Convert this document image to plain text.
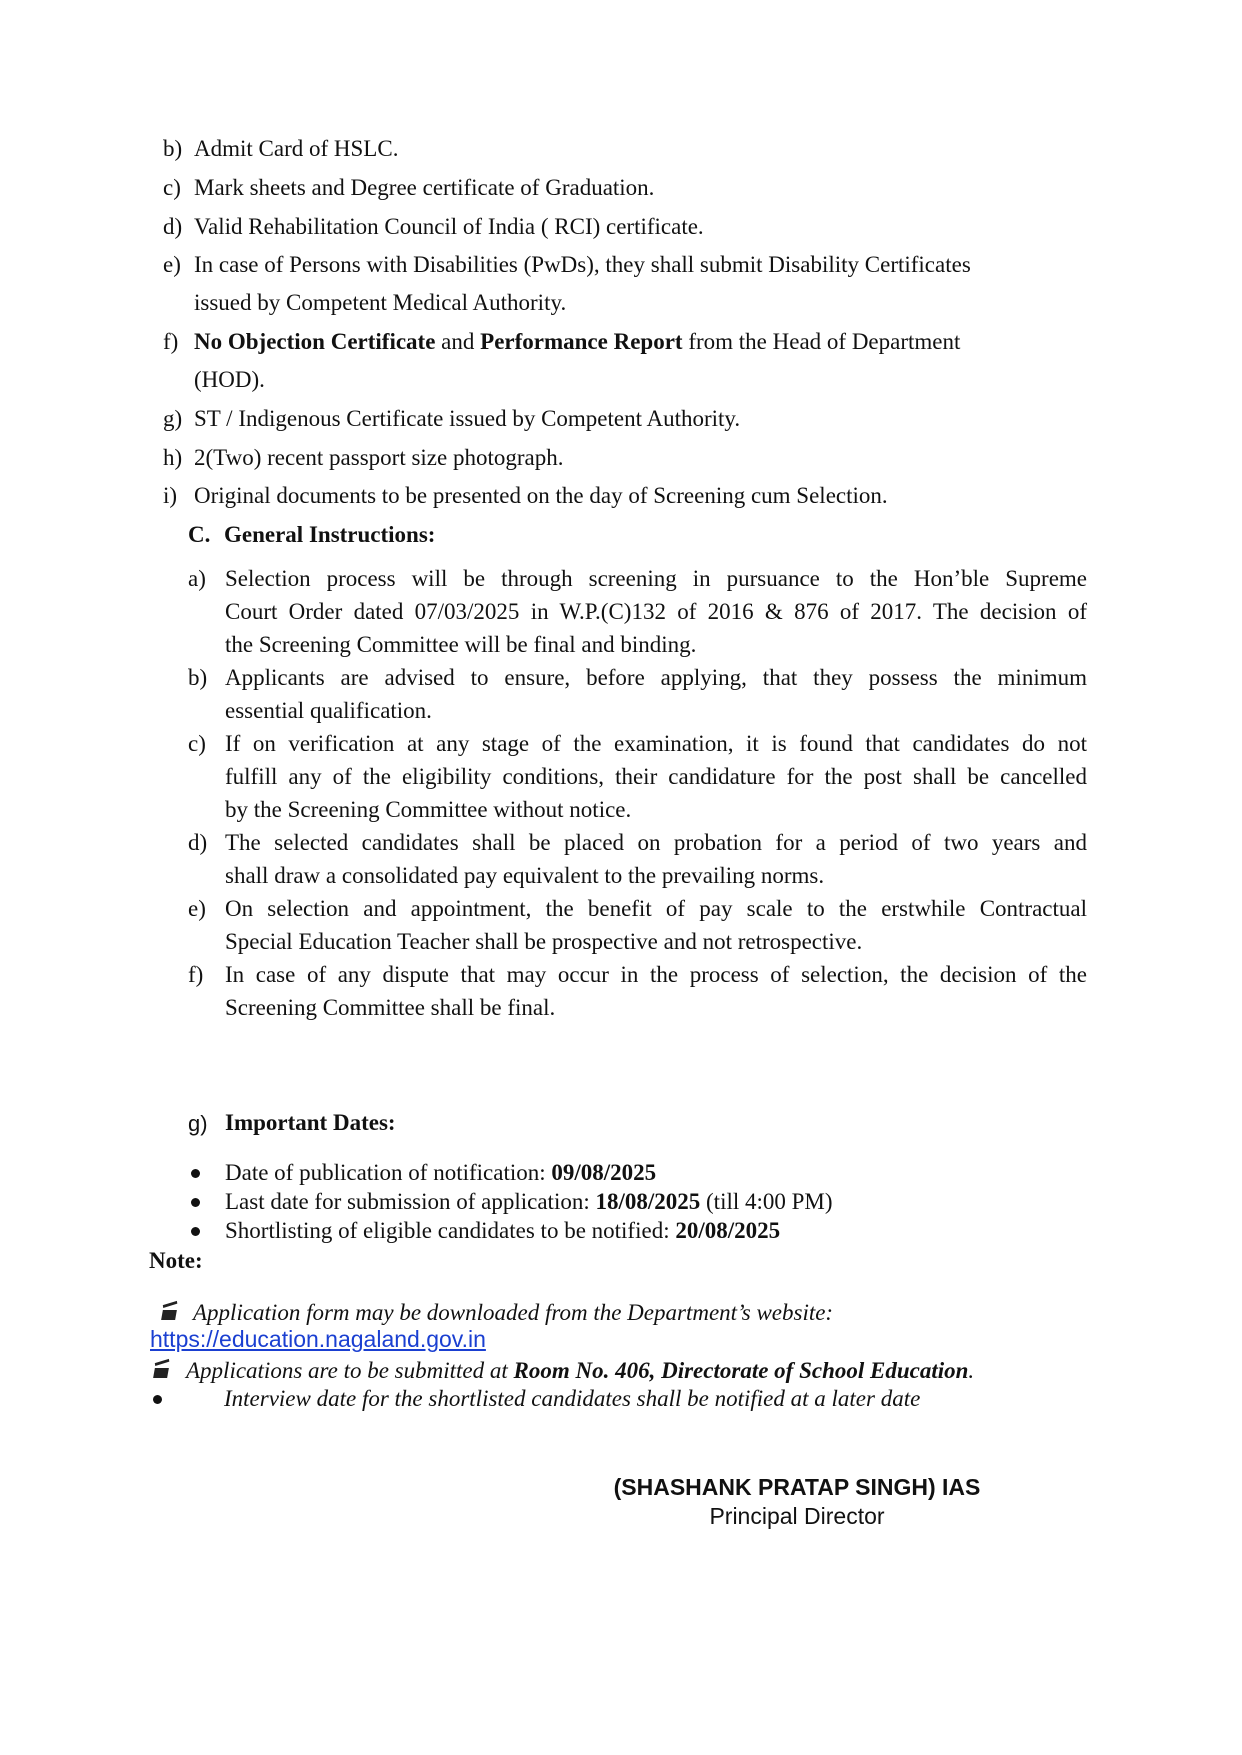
b) Admit Card of HSLC.
c) Mark sheets and Degree certificate of Graduation.
d) Valid Rehabilitation Council of India ( RCI) certificate.
e) In case of Persons with Disabilities (PwDs), they shall submit Disability Certificates
issued by Competent Medical Authority.
f) No Objection Certificate and Performance Report from the Head of Department
(HOD).
g) ST / Indigenous Certificate issued by Competent Authority.
h) 2(Two) recent passport size photograph.
i) Original documents to be presented on the day of Screening cum Selection.
C. General Instructions:
a) Selection process will be through screening in pursuance to the Hon’ble Supreme
Court Order dated 07/03/2025 in W.P.(C)132 of 2016 & 876 of 2017. The decision of
the Screening Committee will be final and binding.
b) Applicants are advised to ensure, before applying, that they possess the minimum
essential qualification.
c) If on verification at any stage of the examination, it is found that candidates do not
fulfill any of the eligibility conditions, their candidature for the post shall be cancelled
by the Screening Committee without notice.
d) The selected candidates shall be placed on probation for a period of two years and
shall draw a consolidated pay equivalent to the prevailing norms.
e) On selection and appointment, the benefit of pay scale to the erstwhile Contractual
Special Education Teacher shall be prospective and not retrospective.
f) In case of any dispute that may occur in the process of selection, the decision of the
Screening Committee shall be final.
g) Important Dates:
Date of publication of notification: 09/08/2025
Last date for submission of application: 18/08/2025 (till 4:00 PM)
Shortlisting of eligible candidates to be notified: 20/08/2025
Note:
Application form may be downloaded from the Department’s website:
https://education.nagaland.gov.in
Applications are to be submitted at Room No. 406, Directorate of School Education.
Interview date for the shortlisted candidates shall be notified at a later date
(SHASHANK PRATAP SINGH) IAS
Principal Director
